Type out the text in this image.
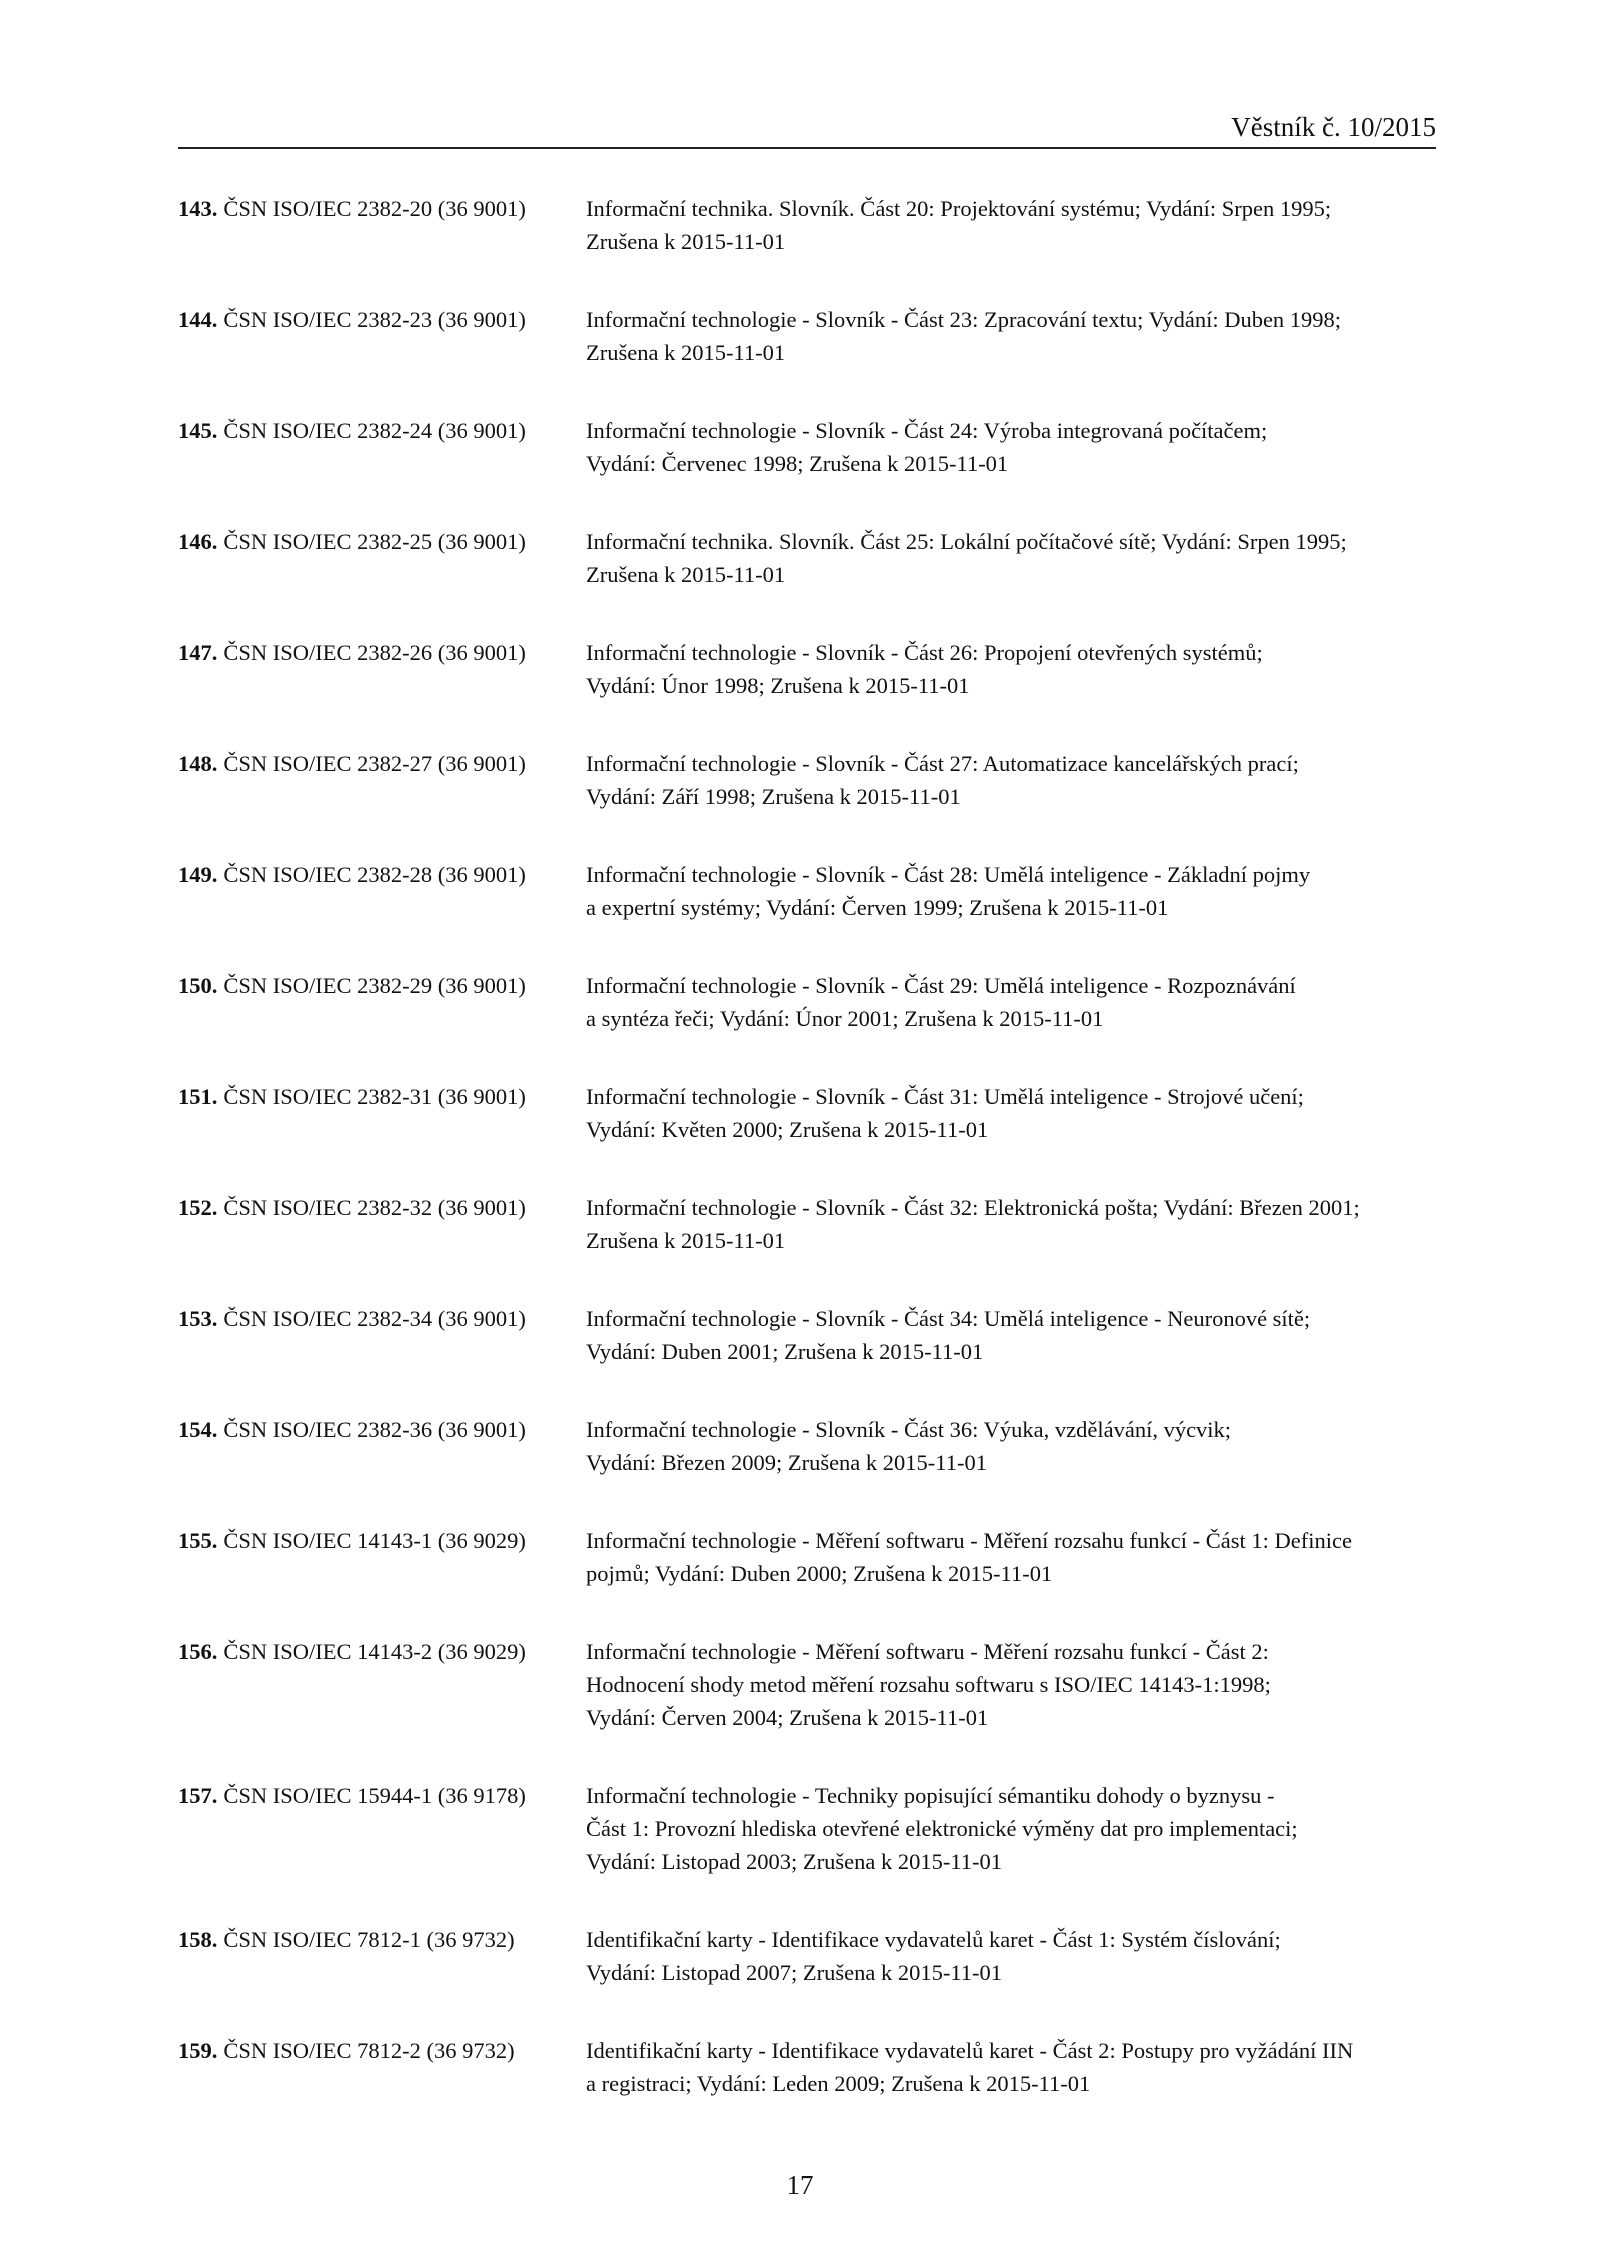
Věstník č. 10/2015
143. ČSN ISO/IEC 2382-20 (36 9001)	Informační technika. Slovník. Část 20: Projektování systému; Vydání: Srpen 1995;
Zrušena k 2015-11-01
144. ČSN ISO/IEC 2382-23 (36 9001)	Informační technologie - Slovník - Část 23: Zpracování textu; Vydání: Duben 1998;
Zrušena k 2015-11-01
145. ČSN ISO/IEC 2382-24 (36 9001)	Informační technologie - Slovník - Část 24: Výroba integrovaná počítačem;
Vydání: Červenec 1998; Zrušena k 2015-11-01
146. ČSN ISO/IEC 2382-25 (36 9001)	Informační technika. Slovník. Část 25: Lokální počítačové sítě; Vydání: Srpen 1995;
Zrušena k 2015-11-01
147. ČSN ISO/IEC 2382-26 (36 9001)	Informační technologie - Slovník - Část 26: Propojení otevřených systémů;
Vydání: Únor 1998; Zrušena k 2015-11-01
148. ČSN ISO/IEC 2382-27 (36 9001)	Informační technologie - Slovník - Část 27: Automatizace kancelářských prací;
Vydání: Září 1998; Zrušena k 2015-11-01
149. ČSN ISO/IEC 2382-28 (36 9001)	Informační technologie - Slovník - Část 28: Umělá inteligence - Základní pojmy
a expertní systémy; Vydání: Červen 1999; Zrušena k 2015-11-01
150. ČSN ISO/IEC 2382-29 (36 9001)	Informační technologie - Slovník - Část 29: Umělá inteligence - Rozpoznávání
a syntéza řeči; Vydání: Únor 2001; Zrušena k 2015-11-01
151. ČSN ISO/IEC 2382-31 (36 9001)	Informační technologie - Slovník - Část 31: Umělá inteligence - Strojové učení;
Vydání: Květen 2000; Zrušena k 2015-11-01
152. ČSN ISO/IEC 2382-32 (36 9001)	Informační technologie - Slovník - Část 32: Elektronická pošta; Vydání: Březen 2001;
Zrušena k 2015-11-01
153. ČSN ISO/IEC 2382-34 (36 9001)	Informační technologie - Slovník - Část 34: Umělá inteligence - Neuronové sítě;
Vydání: Duben 2001; Zrušena k 2015-11-01
154. ČSN ISO/IEC 2382-36 (36 9001)	Informační technologie - Slovník - Část 36: Výuka, vzdělávání, výcvik;
Vydání: Březen 2009; Zrušena k 2015-11-01
155. ČSN ISO/IEC 14143-1 (36 9029)	Informační technologie - Měření softwaru - Měření rozsahu funkcí - Část 1: Definice
pojmů; Vydání: Duben 2000; Zrušena k 2015-11-01
156. ČSN ISO/IEC 14143-2 (36 9029)	Informační technologie - Měření softwaru - Měření rozsahu funkcí - Část 2:
Hodnocení shody metod měření rozsahu softwaru s ISO/IEC 14143-1:1998;
Vydání: Červen 2004; Zrušena k 2015-11-01
157. ČSN ISO/IEC 15944-1 (36 9178)	Informační technologie - Techniky popisující sémantiku dohody o byznysu -
Část 1: Provozní hlediska otevřené elektronické výměny dat pro implementaci;
Vydání: Listopad 2003; Zrušena k 2015-11-01
158. ČSN ISO/IEC 7812-1 (36 9732)	Identifikační karty - Identifikace vydavatelů karet - Část 1: Systém číslování;
Vydání: Listopad 2007; Zrušena k 2015-11-01
159. ČSN ISO/IEC 7812-2 (36 9732)	Identifikační karty - Identifikace vydavatelů karet - Část 2: Postupy pro vyžádání IIN
a registraci; Vydání: Leden 2009; Zrušena k 2015-11-01
17
